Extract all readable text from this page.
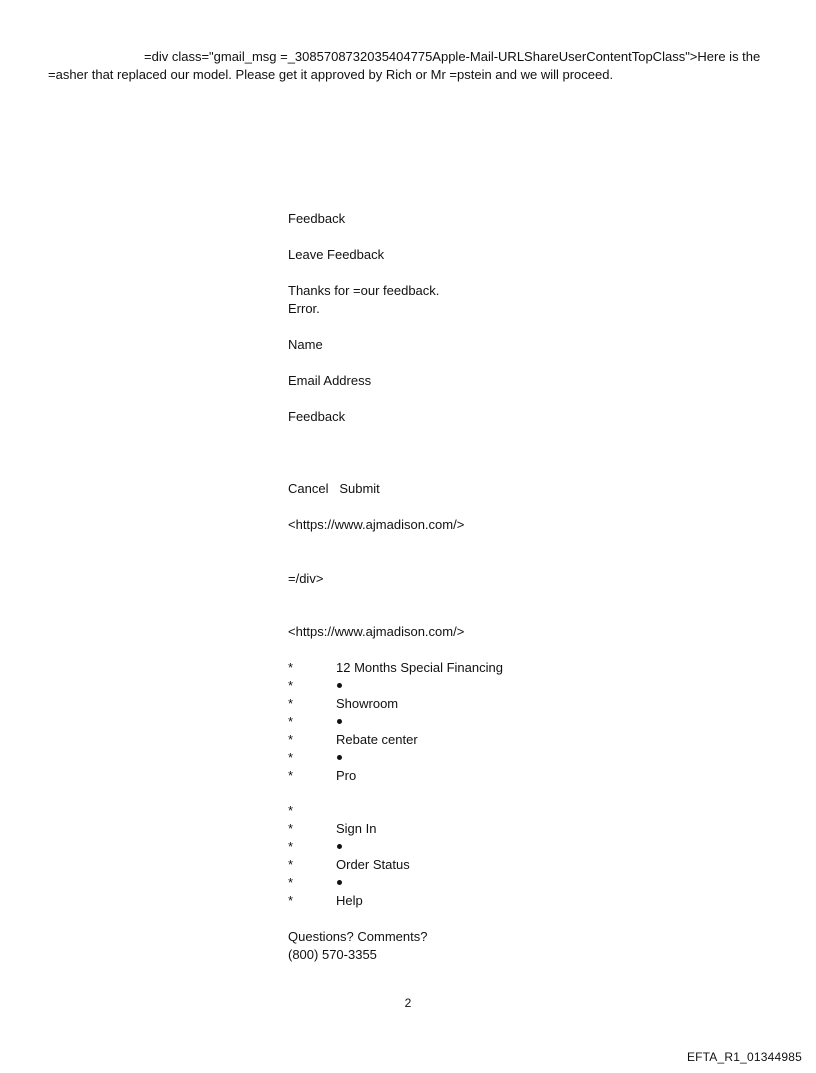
=div class="gmail_msg =_3085708732035404775Apple-Mail-URLShareUserContentTopClass">Here is the =asher that replaced our model. Please get it approved by Rich or Mr =pstein and we will proceed.

Feedback
Leave Feedback
Thanks for =our feedback.
Error.
Name
Email Address
Feedback
Cancel Submit
<https://www.ajmadison.com/>
=/div>
<https://www.ajmadison.com/>
*	12 Months Special Financing
*
*	Showroom
*
*	Rebate center
*
*	Pro
*
*	Sign In
*
*	Order Status
*
*	Help
Questions? Comments?
(800) 570-3355
2
EFTA_R1_01344985
